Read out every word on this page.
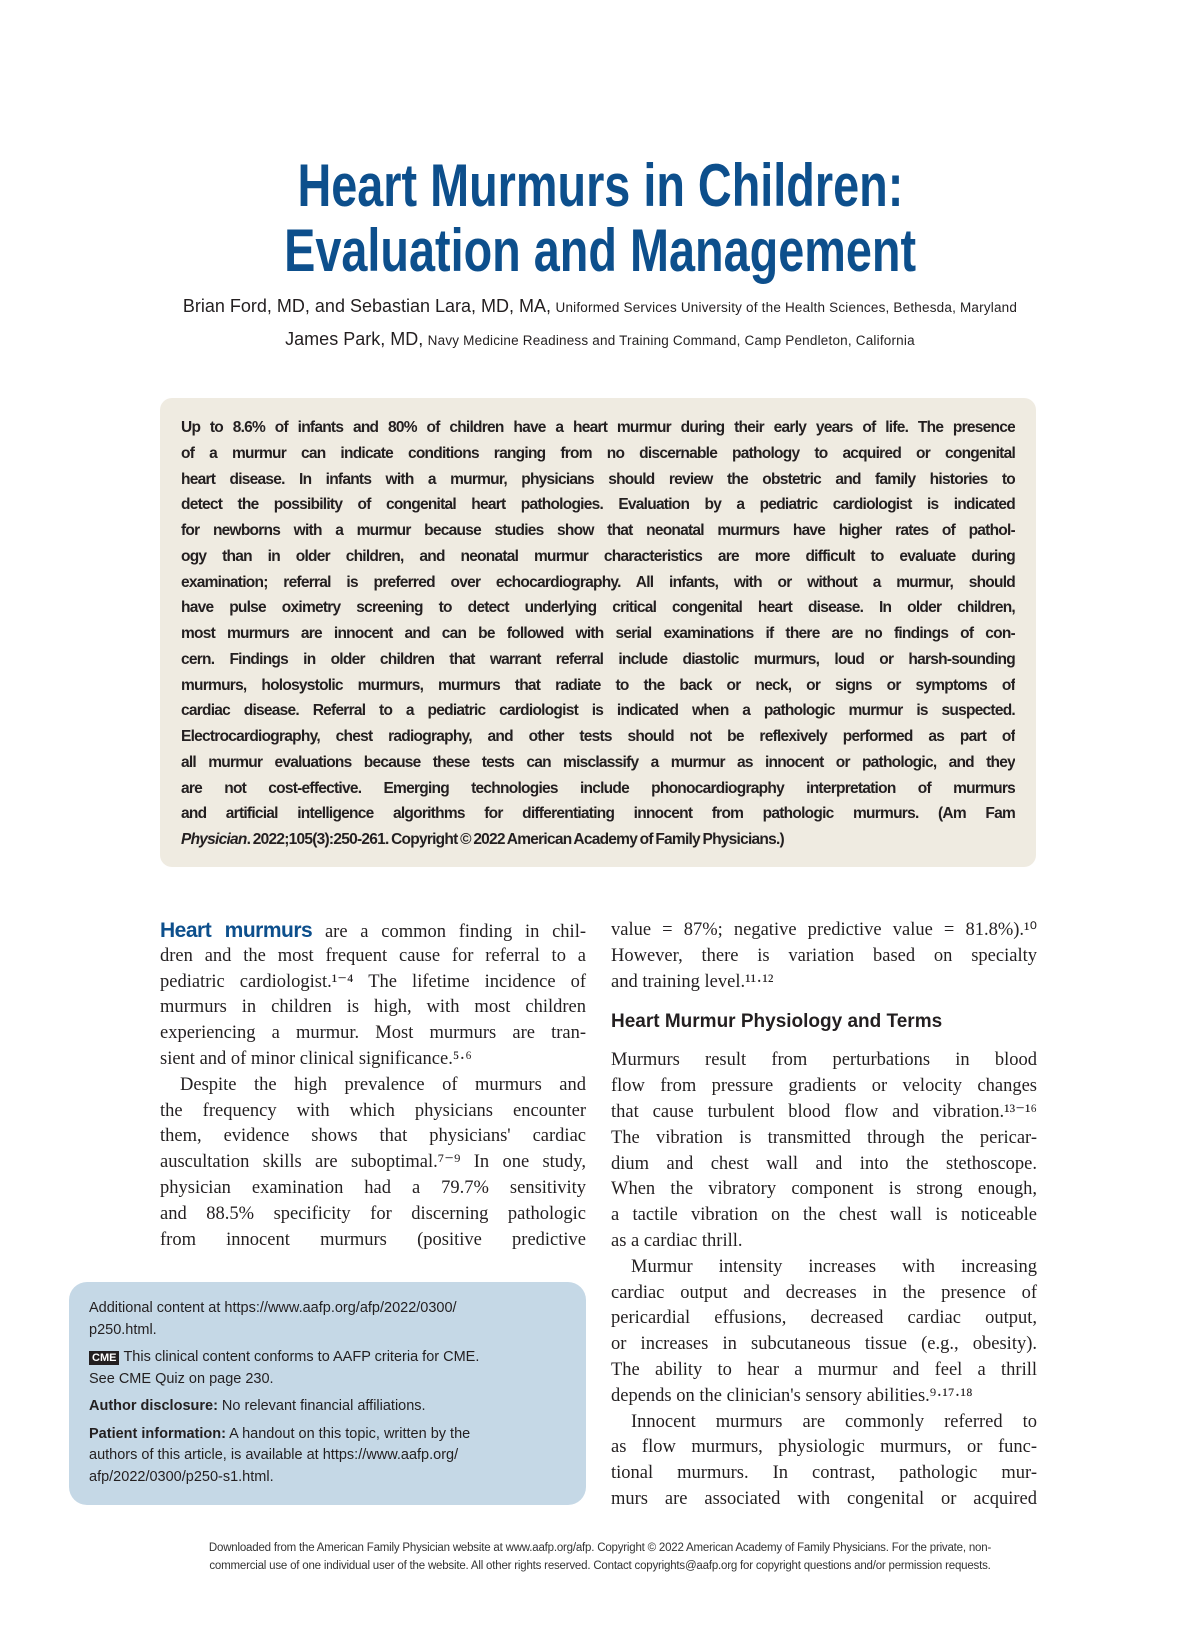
Heart Murmurs in Children:
Evaluation and Management
Brian Ford, MD, and Sebastian Lara, MD, MA, Uniformed Services University of the Health Sciences, Bethesda, Maryland
James Park, MD, Navy Medicine Readiness and Training Command, Camp Pendleton, California
Up to 8.6% of infants and 80% of children have a heart murmur during their early years of life. The presence
of a murmur can indicate conditions ranging from no discernable pathology to acquired or congenital
heart disease. In infants with a murmur, physicians should review the obstetric and family histories to
detect the possibility of congenital heart pathologies. Evaluation by a pediatric cardiologist is indicated
for newborns with a murmur because studies show that neonatal murmurs have higher rates of pathol-
ogy than in older children, and neonatal murmur characteristics are more difficult to evaluate during
examination; referral is preferred over echocardiography. All infants, with or without a murmur, should
have pulse oximetry screening to detect underlying critical congenital heart disease. In older children,
most murmurs are innocent and can be followed with serial examinations if there are no findings of con-
cern. Findings in older children that warrant referral include diastolic murmurs, loud or harsh-sounding
murmurs, holosystolic murmurs, murmurs that radiate to the back or neck, or signs or symptoms of
cardiac disease. Referral to a pediatric cardiologist is indicated when a pathologic murmur is suspected.
Electrocardiography, chest radiography, and other tests should not be reflexively performed as part of
all murmur evaluations because these tests can misclassify a murmur as innocent or pathologic, and they
are not cost-effective. Emerging technologies include phonocardiography interpretation of murmurs
and artificial intelligence algorithms for differentiating innocent from pathologic murmurs. (Am Fam
Physician. 2022;105(3):250-261. Copyright © 2022 American Academy of Family Physicians.)
Heart murmurs are a common finding in chil-
dren and the most frequent cause for referral to a
pediatric cardiologist.¹⁻⁴ The lifetime incidence of
murmurs in children is high, with most children
experiencing a murmur. Most murmurs are tran-
sient and of minor clinical significance.⁵·⁶
Despite the high prevalence of murmurs and
the frequency with which physicians encounter
them, evidence shows that physicians' cardiac
auscultation skills are suboptimal.⁷⁻⁹ In one study,
physician examination had a 79.7% sensitivity
and 88.5% specificity for discerning pathologic
from innocent murmurs (positive predictive
value = 87%; negative predictive value = 81.8%).¹⁰
However, there is variation based on specialty
and training level.¹¹·¹²
Heart Murmur Physiology and Terms
Murmurs result from perturbations in blood
flow from pressure gradients or velocity changes
that cause turbulent blood flow and vibration.¹³⁻¹⁶
The vibration is transmitted through the pericar-
dium and chest wall and into the stethoscope.
When the vibratory component is strong enough,
a tactile vibration on the chest wall is noticeable
as a cardiac thrill.
Murmur intensity increases with increasing
cardiac output and decreases in the presence of
pericardial effusions, decreased cardiac output,
or increases in subcutaneous tissue (e.g., obesity).
The ability to hear a murmur and feel a thrill
depends on the clinician's sensory abilities.⁹·¹⁷·¹⁸
Innocent murmurs are commonly referred to
as flow murmurs, physiologic murmurs, or func-
tional murmurs. In contrast, pathologic mur-
murs are associated with congenital or acquired
Additional content at https://www.aafp.org/afp/2022/0300/
p250.html.
CME This clinical content conforms to AAFP criteria for CME.
See CME Quiz on page 230.
Author disclosure: No relevant financial affiliations.
Patient information: A handout on this topic, written by the
authors of this article, is available at https://www.aafp.org/
afp/2022/0300/p250-s1.html.
Downloaded from the American Family Physician website at www.aafp.org/afp. Copyright © 2022 American Academy of Family Physicians. For the private, non-
commercial use of one individual user of the website. All other rights reserved. Contact copyrights@aafp.org for copyright questions and/or permission requests.
